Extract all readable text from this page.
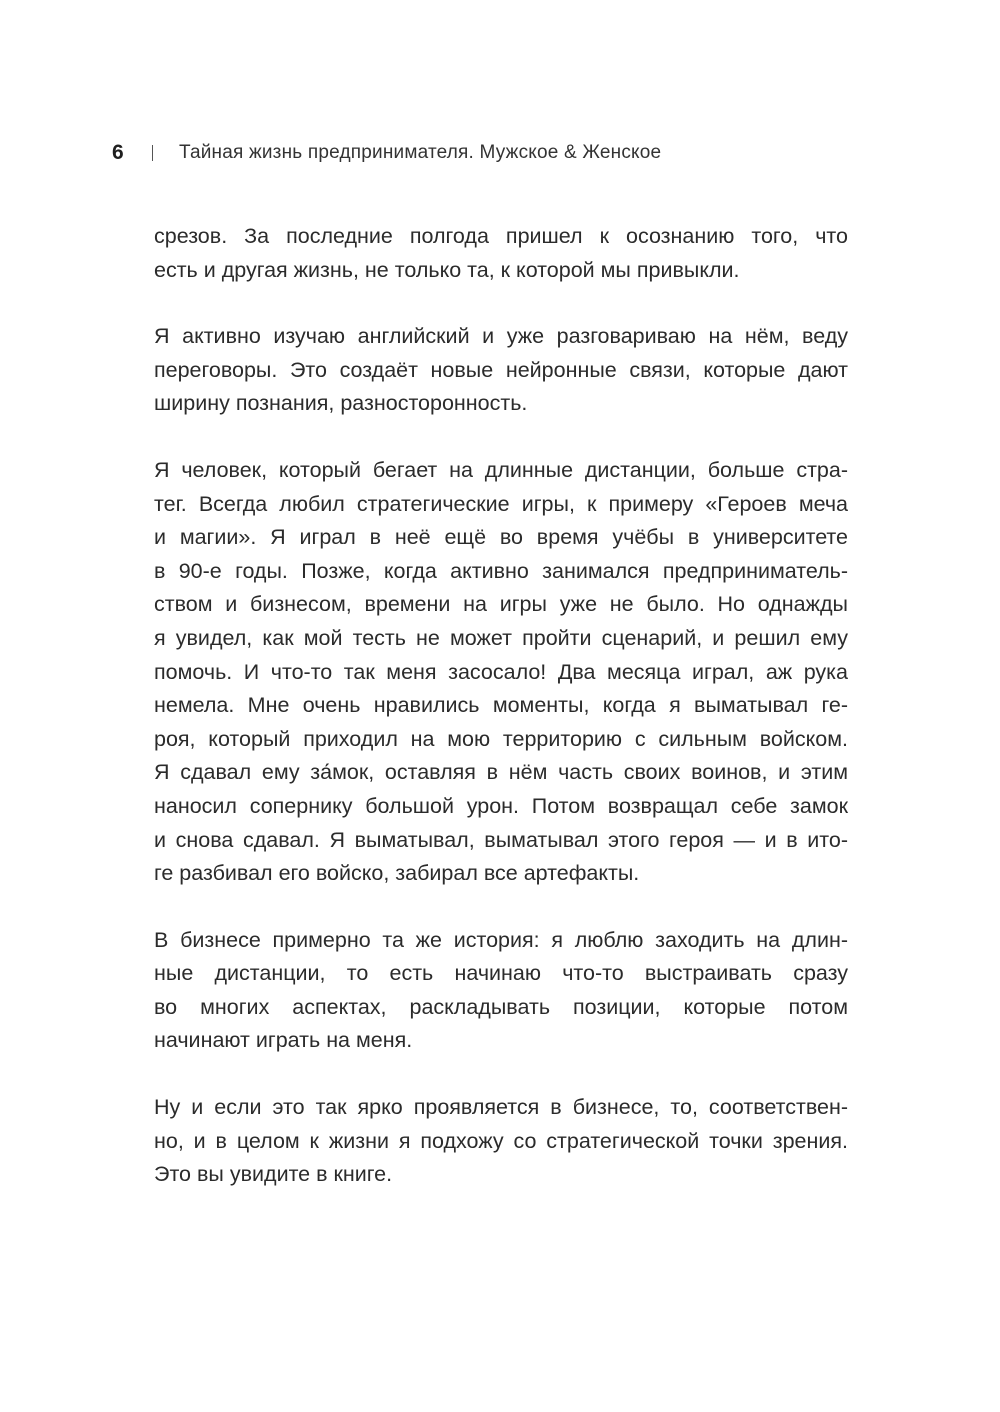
6	Тайная жизнь предпринимателя. Мужское & Женское
срезов. За последние полгода пришел к осознанию того, что
есть и другая жизнь, не только та, к которой мы привыкли.
Я активно изучаю английский и уже разговариваю на нём, веду
переговоры. Это создаёт новые нейронные связи, которые дают
ширину познания, разносторонность.
Я человек, который бегает на длинные дистанции, больше стра-
тег. Всегда любил стратегические игры, к примеру «Героев меча
и магии». Я играл в неё ещё во время учёбы в университете
в 90-е годы. Позже, когда активно занимался предприниматель-
ством и бизнесом, времени на игры уже не было. Но однажды
я увидел, как мой тесть не может пройти сценарий, и решил ему
помочь. И что-то так меня засосало! Два месяца играл, аж рука
немела. Мне очень нравились моменты, когда я выматывал ге-
роя, который приходил на мою территорию с сильным войском.
Я сдавал ему за́мок, оставляя в нём часть своих воинов, и этим
наносил сопернику большой урон. Потом возвращал себе замок
и снова сдавал. Я выматывал, выматывал этого героя — и в ито-
ге разбивал его войско, забирал все артефакты.
В бизнесе примерно та же история: я люблю заходить на длин-
ные дистанции, то есть начинаю что-то выстраивать сразу
во многих аспектах, раскладывать позиции, которые потом
начинают играть на меня.
Ну и если это так ярко проявляется в бизнесе, то, соответствен-
но, и в целом к жизни я подхожу со стратегической точки зрения.
Это вы увидите в книге.
